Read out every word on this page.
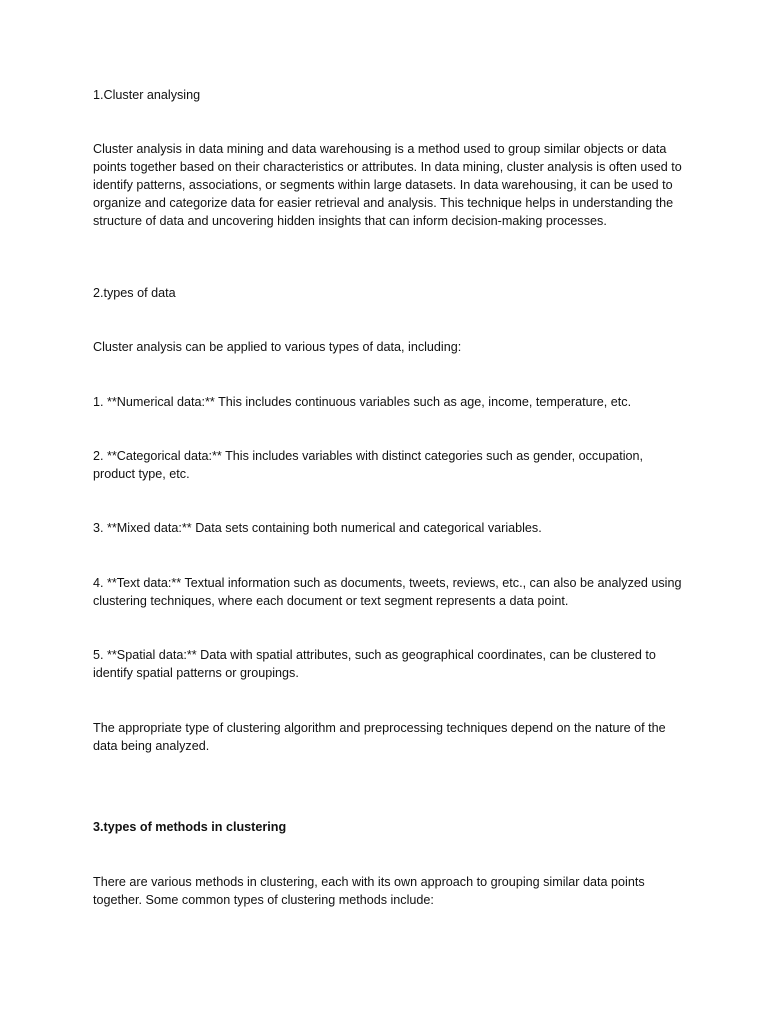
1.Cluster analysing

Cluster analysis in data mining and data warehousing is a method used to group similar objects or data points together based on their characteristics or attributes. In data mining, cluster analysis is often used to identify patterns, associations, or segments within large datasets. In data warehousing, it can be used to organize and categorize data for easier retrieval and analysis. This technique helps in understanding the structure of data and uncovering hidden insights that can inform decision-making processes.

2.types of data

Cluster analysis can be applied to various types of data, including:

1. **Numerical data:** This includes continuous variables such as age, income, temperature, etc.

2. **Categorical data:** This includes variables with distinct categories such as gender, occupation, product type, etc.

3. **Mixed data:** Data sets containing both numerical and categorical variables.

4. **Text data:** Textual information such as documents, tweets, reviews, etc., can also be analyzed using clustering techniques, where each document or text segment represents a data point.

5. **Spatial data:** Data with spatial attributes, such as geographical coordinates, can be clustered to identify spatial patterns or groupings.

The appropriate type of clustering algorithm and preprocessing techniques depend on the nature of the data being analyzed.

3.types of methods in clustering

There are various methods in clustering, each with its own approach to grouping similar data points together. Some common types of clustering methods include:
